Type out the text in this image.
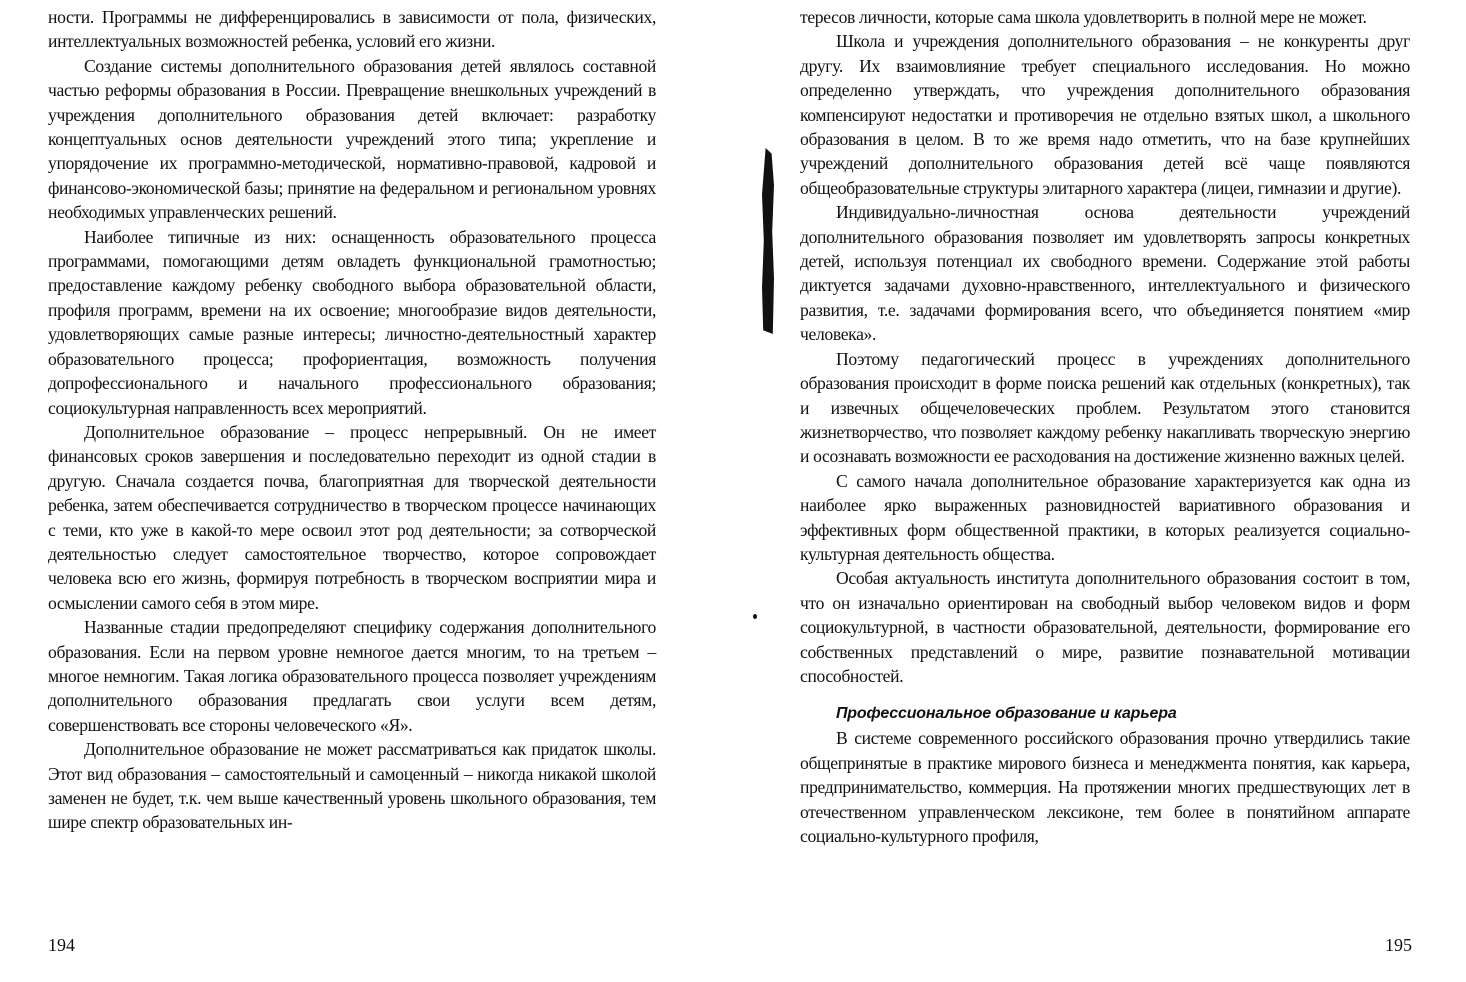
ности. Программы не дифференцировались в зависимости от пола, физических, интеллектуальных возможностей ребенка, условий его жизни.

Создание системы дополнительного образования детей являлось составной частью реформы образования в России. Превращение внешкольных учреждений в учреждения дополнительного образования детей включает: разработку концептуальных основ деятельности учреждений этого типа; укрепление и упорядочение их программно-методической, нормативно-правовой, кадровой и финансово-экономической базы; принятие на федеральном и региональном уровнях необходимых управленческих решений.

Наиболее типичные из них: оснащенность образовательного процесса программами, помогающими детям овладеть функциональной грамотностью; предоставление каждому ребенку свободного выбора образовательной области, профиля программ, времени на их освоение; многообразие видов деятельности, удовлетворяющих самые разные интересы; личностно-деятельностный характер образовательного процесса; профориентация, возможность получения допрофессионального и начального профессионального образования; социокультурная направленность всех мероприятий.

Дополнительное образование – процесс непрерывный. Он не имеет финансовых сроков завершения и последовательно переходит из одной стадии в другую. Сначала создается почва, благоприятная для творческой деятельности ребенка, затем обеспечивается сотрудничество в творческом процессе начинающих с теми, кто уже в какой-то мере освоил этот род деятельности; за сотворческой деятельностью следует самостоятельное творчество, которое сопровождает человека всю его жизнь, формируя потребность в творческом восприятии мира и осмыслении самого себя в этом мире.

Названные стадии предопределяют специфику содержания дополнительного образования. Если на первом уровне немногое дается многим, то на третьем – многое немногим. Такая логика образовательного процесса позволяет учреждениям дополнительного образования предлагать свои услуги всем детям, совершенствовать все стороны человеческого «Я».

Дополнительное образование не может рассматриваться как придаток школы. Этот вид образования – самостоятельный и самоценный – никогда никакой школой заменен не будет, т.к. чем выше качественный уровень школьного образования, тем шире спектр образовательных ин-

194

тересов личности, которые сама школа удовлетворить в полной мере не может.

Школа и учреждения дополнительного образования – не конкуренты друг другу. Их взаимовлияние требует специального исследования. Но можно определенно утверждать, что учреждения дополнительного образования компенсируют недостатки и противоречия не отдельно взятых школ, а школьного образования в целом. В то же время надо отметить, что на базе крупнейших учреждений дополнительного образования детей всё чаще появляются общеобразовательные структуры элитарного характера (лицеи, гимназии и другие).

Индивидуально-личностная основа деятельности учреждений дополнительного образования позволяет им удовлетворять запросы конкретных детей, используя потенциал их свободного времени. Содержание этой работы диктуется задачами духовно-нравственного, интеллектуального и физического развития, т.е. задачами формирования всего, что объединяется понятием «мир человека».

Поэтому педагогический процесс в учреждениях дополнительного образования происходит в форме поиска решений как отдельных (конкретных), так и извечных общечеловеческих проблем. Результатом этого становится жизнетворчество, что позволяет каждому ребенку накапливать творческую энергию и осознавать возможности ее расходования на достижение жизненно важных целей.

С самого начала дополнительное образование характеризуется как одна из наиболее ярко выраженных разновидностей вариативного образования и эффективных форм общественной практики, в которых реализуется социально-культурная деятельность общества.

Особая актуальность института дополнительного образования состоит в том, что он изначально ориентирован на свободный выбор человеком видов и форм социокультурной, в частности образовательной, деятельности, формирование его собственных представлений о мире, развитие познавательной мотивации способностей.

Профессиональное образование и карьера

В системе современного российского образования прочно утвердились такие общепринятые в практике мирового бизнеса и менеджмента понятия, как карьера, предпринимательство, коммерция. На протяжении многих предшествующих лет в отечественном управленческом лексиконе, тем более в понятийном аппарате социально-культурного профиля,

195
